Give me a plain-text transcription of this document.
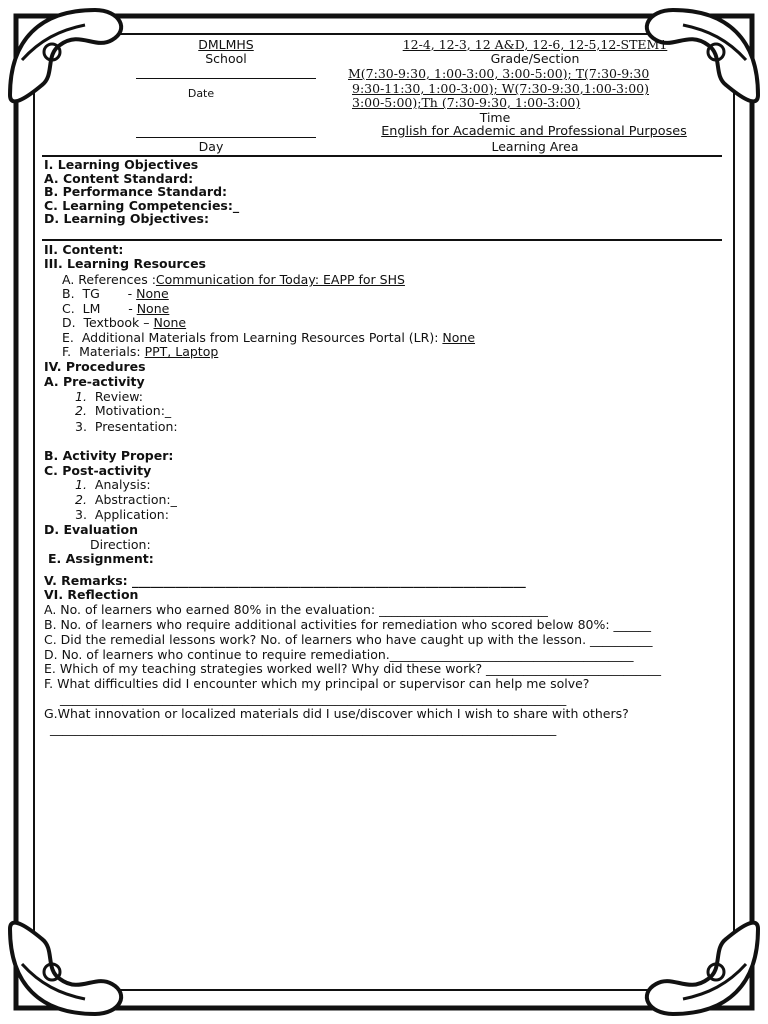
DMLMHS
School
12-4, 12-3, 12 A&D, 12-6, 12-5,12-STEM1
Grade/Section
Date
M(7:30-9:30, 1:00-3:00, 3:00-5:00); T(7:30-9:30
9:30-11:30, 1:00-3:00); W(7:30-9:30,1:00-3:00)
3:00-5:00);Th (7:30-9:30, 1:00-3:00)
Time
Day
English for Academic and Professional Purposes
Learning Area
I. Learning Objectives
A. Content Standard:
B. Performance Standard:
C. Learning Competencies:_
D. Learning Objectives:
II. Content:
III. Learning Resources
A. References :Communication for Today: EAPP for SHS
B.  TG       - None
C.  LM       - None
D.  Textbook – None
E.  Additional Materials from Learning Resources Portal (LR): None
F.  Materials: PPT, Laptop
IV. Procedures
A. Pre-activity
1. Review:
2. Motivation:_
3. Presentation:
B. Activity Proper:
C. Post-activity
1. Analysis:
2. Abstraction:_
3. Application:
D. Evaluation
Direction:
E. Assignment:
V. Remarks: _______________________________________________________________
VI. Reflection
A. No. of learners who earned 80% in the evaluation: ___________________________
B. No. of learners who require additional activities for remediation who scored below 80%: ______
C. Did the remedial lessons work? No. of learners who have caught up with the lesson. __________
D. No. of learners who continue to require remediation._______________________________________
E. Which of my teaching strategies worked well? Why did these work? ____________________________
F. What difficulties did I encounter which my principal or supervisor can help me solve?
_________________________________________________________________________________
G.What innovation or localized materials did I use/discover which I wish to share with others?
_________________________________________________________________________________
